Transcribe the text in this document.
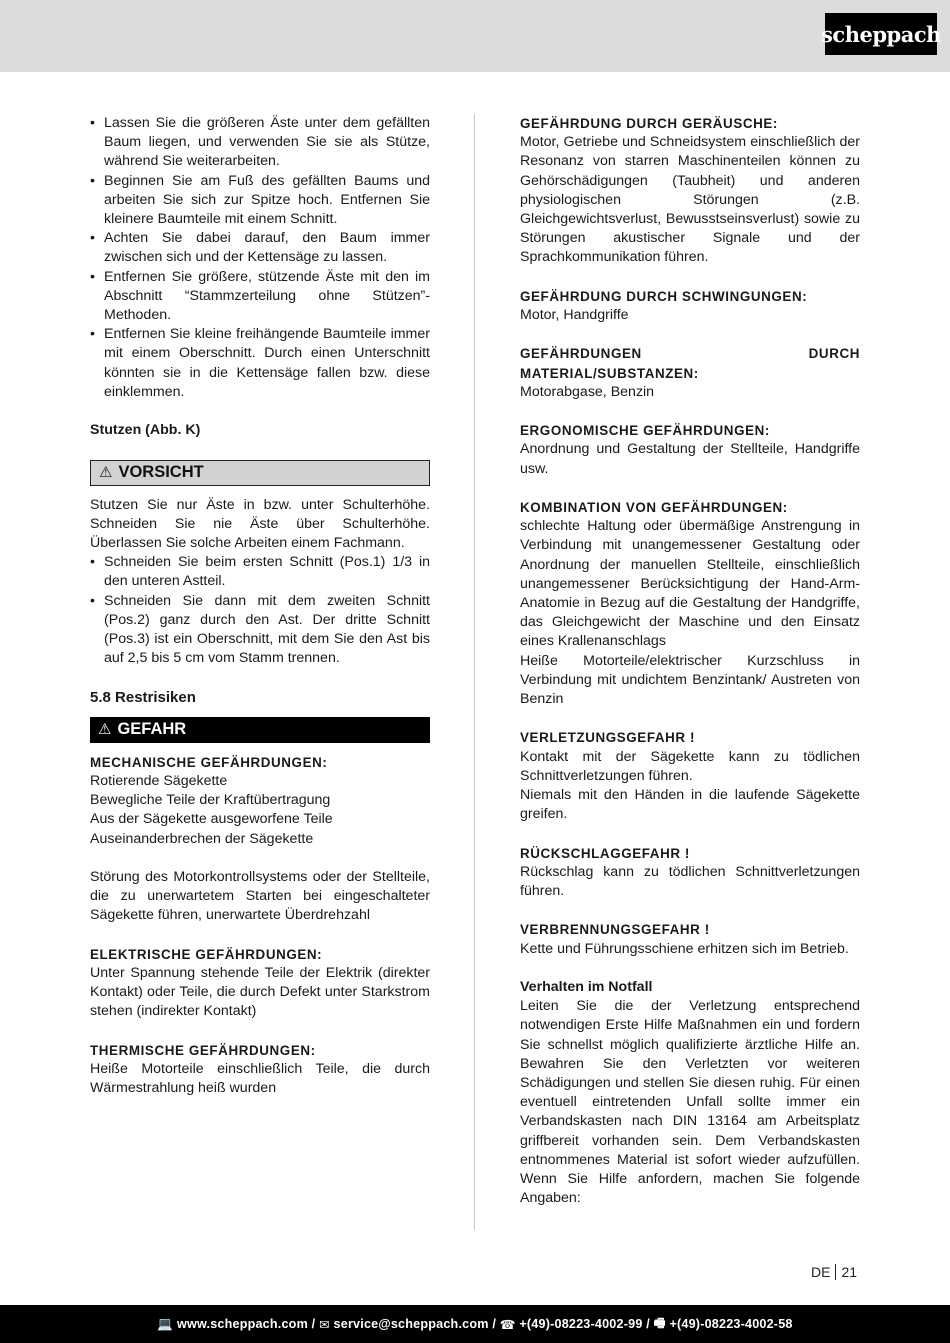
scheppach
• Lassen Sie die größeren Äste unter dem gefällten Baum liegen, und verwenden Sie sie als Stütze, während Sie weiterarbeiten.
• Beginnen Sie am Fuß des gefällten Baums und arbeiten Sie sich zur Spitze hoch. Entfernen Sie kleinere Baumteile mit einem Schnitt.
• Achten Sie dabei darauf, den Baum immer zwischen sich und der Kettensäge zu lassen.
• Entfernen Sie größere, stützende Äste mit den im Abschnitt “Stammzerteilung ohne Stützen”-Methoden.
• Entfernen Sie kleine freihängende Baumteile immer mit einem Oberschnitt. Durch einen Unterschnitt könnten sie in die Kettensäge fallen bzw. diese einklemmen.

Stutzen (Abb. K)

⚠ VORSICHT

Stutzen Sie nur Äste in bzw. unter Schulterhöhe. Schneiden Sie nie Äste über Schulterhöhe. Überlassen Sie solche Arbeiten einem Fachmann.

• Schneiden Sie beim ersten Schnitt (Pos.1) 1/3 in den unteren Astteil.
• Schneiden Sie dann mit dem zweiten Schnitt (Pos.2) ganz durch den Ast. Der dritte Schnitt (Pos.3) ist ein Oberschnitt, mit dem Sie den Ast bis auf 2,5 bis 5 cm vom Stamm trennen.

5.8 Restrisiken

⚠ GEFAHR

MECHANISCHE GEFÄHRDUNGEN:

Rotierende Sägekette
Bewegliche Teile der Kraftübertragung
Aus der Sägekette ausgeworfene Teile
Auseinanderbrechen der Sägekette

Störung des Motorkontrollsystems oder der Stellteile, die zu unerwartetem Starten bei eingeschalteter Sägekette führen, unerwartete Überdrehzahl

ELEKTRISCHE GEFÄHRDUNGEN:

Unter Spannung stehende Teile der Elektrik (direkter Kontakt) oder Teile, die durch Defekt unter Starkstrom stehen (indirekter Kontakt)

THERMISCHE GEFÄHRDUNGEN:

Heiße Motorteile einschließlich Teile, die durch Wärmestrahlung heiß wurden

GEFÄHRDUNG DURCH GERÄUSCHE:

Motor, Getriebe und Schneidsystem einschließlich der Resonanz von starren Maschinenteilen können zu Gehörschädigungen (Taubheit) und anderen physiologischen Störungen (z.B. Gleichgewichtsverlust, Bewusstseinsverlust) sowie zu Störungen akustischer Signale und der Sprachkommunikation führen.

GEFÄHRDUNG DURCH SCHWINGUNGEN:

Motor, Handgriffe

GEFÄHRDUNGEN DURCH MATERIAL/SUBSTANZEN:

Motorabgase, Benzin

ERGONOMISCHE GEFÄHRDUNGEN:

Anordnung und Gestaltung der Stellteile, Handgriffe usw.

KOMBINATION VON GEFÄHRDUNGEN:

schlechte Haltung oder übermäßige Anstrengung in Verbindung mit unangemessener Gestaltung oder Anordnung der manuellen Stellteile, einschließlich unangemessener Berücksichtigung der Hand-Arm-Anatomie in Bezug auf die Gestaltung der Handgriffe, das Gleichgewicht der Maschine und den Einsatz eines Krallenanschlags

Heiße Motorteile/elektrischer Kurzschluss in Verbindung mit undichtem Benzintank/ Austreten von Benzin

VERLETZUNGSGEFAHR !

Kontakt mit der Sägekette kann zu tödlichen Schnittverletzungen führen.

Niemals mit den Händen in die laufende Sägekette greifen.

RÜCKSCHLAGGEFAHR !

Rückschlag kann zu tödlichen Schnittverletzungen führen.

VERBRENNUNGSGEFAHR !

Kette und Führungsschiene erhitzen sich im Betrieb.

Verhalten im Notfall

Leiten Sie die der Verletzung entsprechend notwendigen Erste Hilfe Maßnahmen ein und fordern Sie schnellst möglich qualifizierte ärztliche Hilfe an. Bewahren Sie den Verletzten vor weiteren Schädigungen und stellen Sie diesen ruhig. Für einen eventuell eintretenden Unfall sollte immer ein Verbandskasten nach DIN 13164 am Arbeitsplatz griffbereit vorhanden sein. Dem Verbandskasten entnommenes Material ist sofort wieder aufzufüllen. Wenn Sie Hilfe anfordern, machen Sie folgende Angaben:

DE 21
💻 www.scheppach.com / ✉ service@scheppach.com / ☎ +(49)-08223-4002-99 / 🖷 +(49)-08223-4002-58
